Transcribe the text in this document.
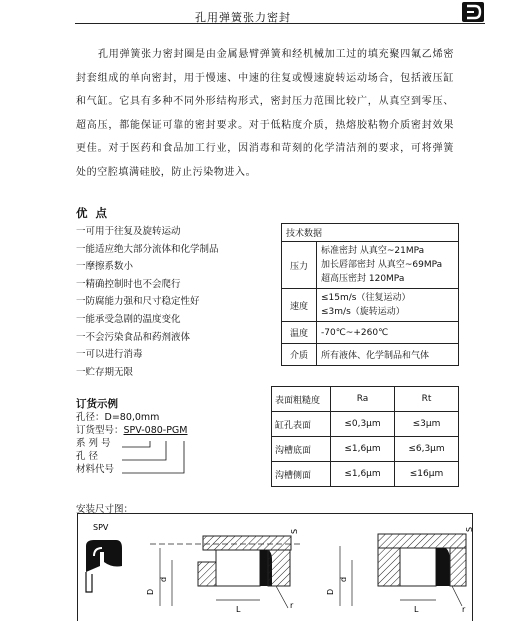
孔用弹簧张力密封

孔用弹簧张力密封圈是由金属悬臂弹簧和经机械加工过的填充聚四氟乙烯密封套组成的单向密封，用于慢速、中速的往复或慢速旋转运动场合，包括液压缸和气缸。它具有多种不同外形结构形式，密封压力范围比较广，从真空到零压、超高压，都能保证可靠的密封要求。对于低粘度介质，热熔胶粘物介质密封效果更佳。对于医药和食品加工行业，因消毒和苛刻的化学清洁剂的要求，可将弹簧处的空腔填满硅胶，防止污染物进入。

优点
一可用于往复及旋转运动
一能适应绝大部分流体和化学制品
一摩擦系数小
一精确控制时也不会爬行
一防腐能力强和尺寸稳定性好
一能承受急剧的温度变化
一不会污染食品和药剂液体
一可以进行消毒
一贮存期无限
技术数据	
压力	标准密封 从真空~21MPa
加长唇部密封 从真空~69MPa
超高压密封 120MPa

速度	≤15m/s（往复运动）
≤3m/s（旋转运动）

温度	-70℃~+260℃
介质	所有液体、化学制品和气体
表面粗糙度	Ra	Rt
缸孔表面	≤0,3μm	≤3μm
沟槽底面	≤1,6μm	≤6,3μm
沟槽侧面	≤1,6μm	≤16μm
订货示例
孔径：D=80,0mm
订货型号：SPV-080-PGM
系 列 号
孔 径
材料代号
安装尺寸图：
SPV
D
d
L	r
S
D
d
L	r
S
